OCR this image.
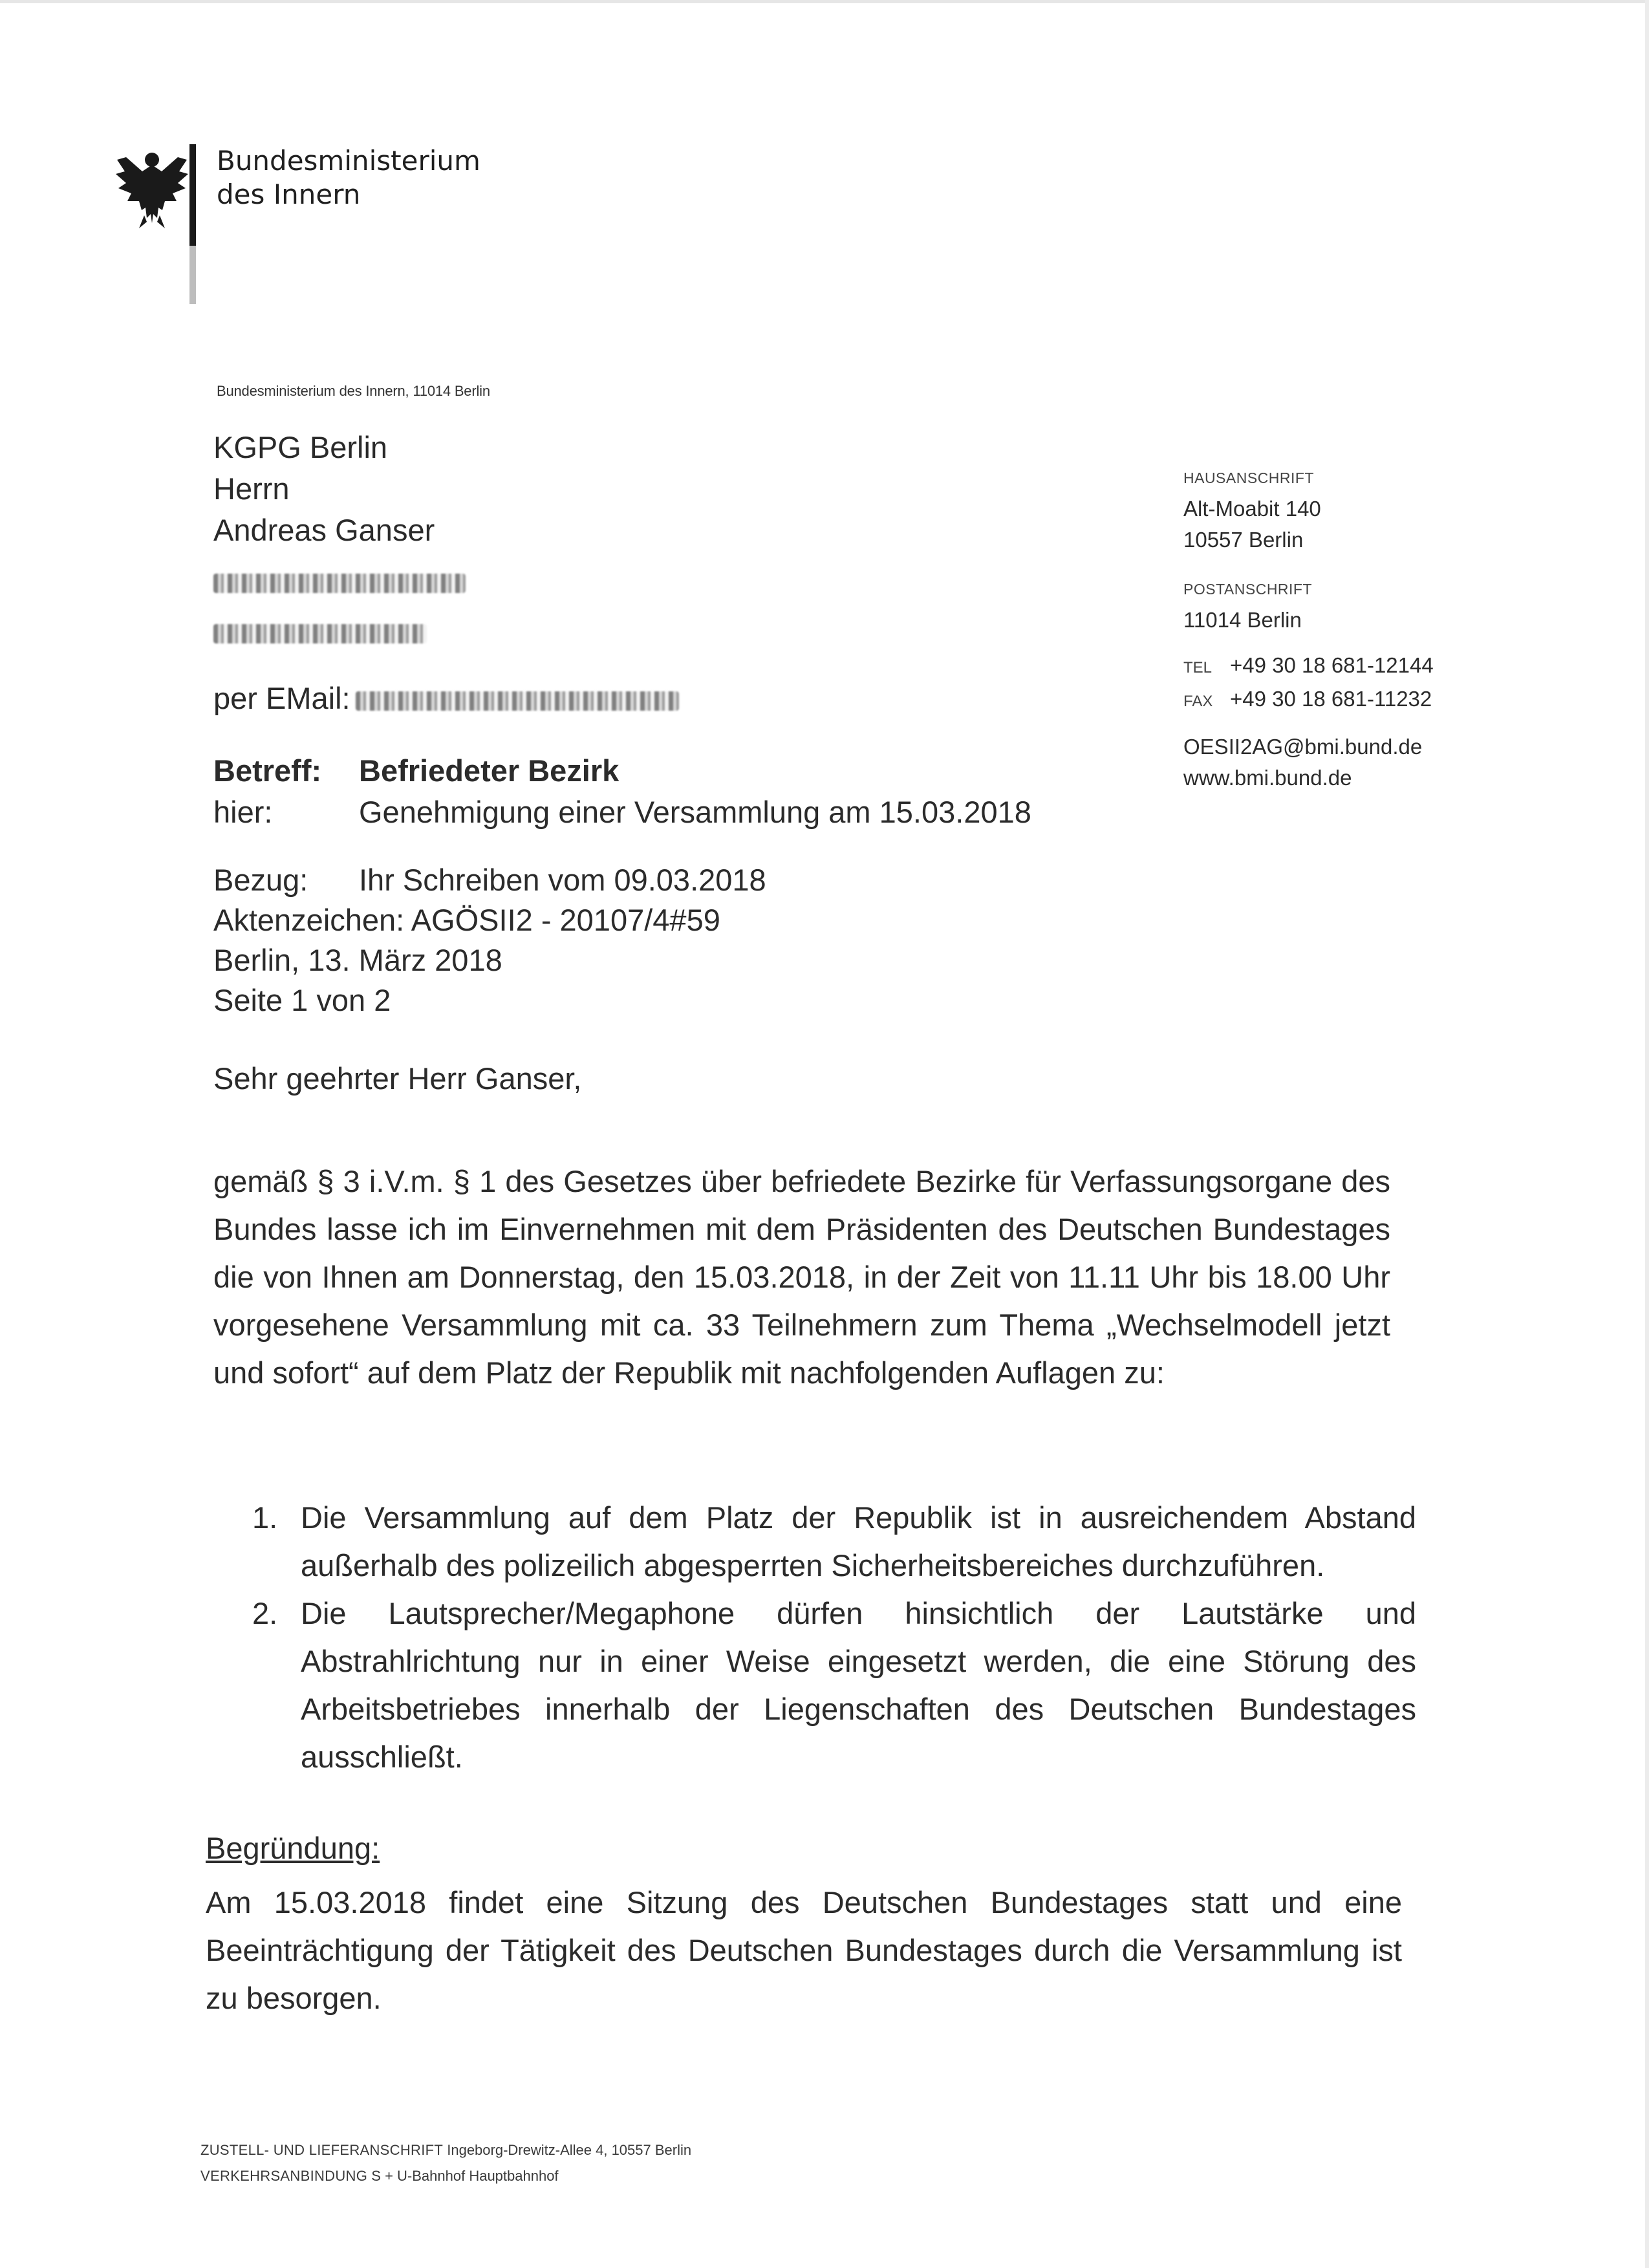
Bundesministerium
des Innern
Bundesministerium des Innern, 11014 Berlin
KGPG Berlin
Herrn
Andreas Ganser
per EMail:
HAUSANSCHRIFT
Alt-Moabit 140
10557 Berlin
POSTANSCHRIFT
11014 Berlin
TEL +49 30 18 681-12144
FAX +49 30 18 681-11232
OESII2AG@bmi.bund.de
www.bmi.bund.de
Betreff: Befriedeter Bezirk
hier:	Genehmigung einer Versammlung am 15.03.2018
Bezug: Ihr Schreiben vom 09.03.2018
Aktenzeichen: AGÖSII2 - 20107/4#59
Berlin, 13. März 2018
Seite 1 von 2
Sehr geehrter Herr Ganser,
gemäß § 3 i.V.m. § 1 des Gesetzes über befriedete Bezirke für Verfassungsorgane des Bundes lasse ich im Einvernehmen mit dem Präsidenten des Deutschen Bundestages die von Ihnen am Donnerstag, den 15.03.2018, in der Zeit von 11.11 Uhr bis 18.00 Uhr vorgesehene Versammlung mit ca. 33 Teilnehmern zum Thema „Wechselmodell jetzt und sofort“ auf dem Platz der Republik mit nachfolgenden Auflagen zu:
1. Die Versammlung auf dem Platz der Republik ist in ausreichendem Abstand außerhalb des polizeilich abgesperrten Sicherheitsbereiches durchzuführen.
2. Die Lautsprecher/Megaphone dürfen hinsichtlich der Lautstärke und Abstrahlrichtung nur in einer Weise eingesetzt werden, die eine Störung des Arbeitsbetriebes innerhalb der Liegenschaften des Deutschen Bundestages ausschließt.
Begründung:
Am 15.03.2018 findet eine Sitzung des Deutschen Bundestages statt und eine Beeinträchtigung der Tätigkeit des Deutschen Bundestages durch die Versammlung ist zu besorgen.
ZUSTELL- UND LIEFERANSCHRIFT Ingeborg-Drewitz-Allee 4, 10557 Berlin
VERKEHRSANBINDUNG S + U-Bahnhof Hauptbahnhof
